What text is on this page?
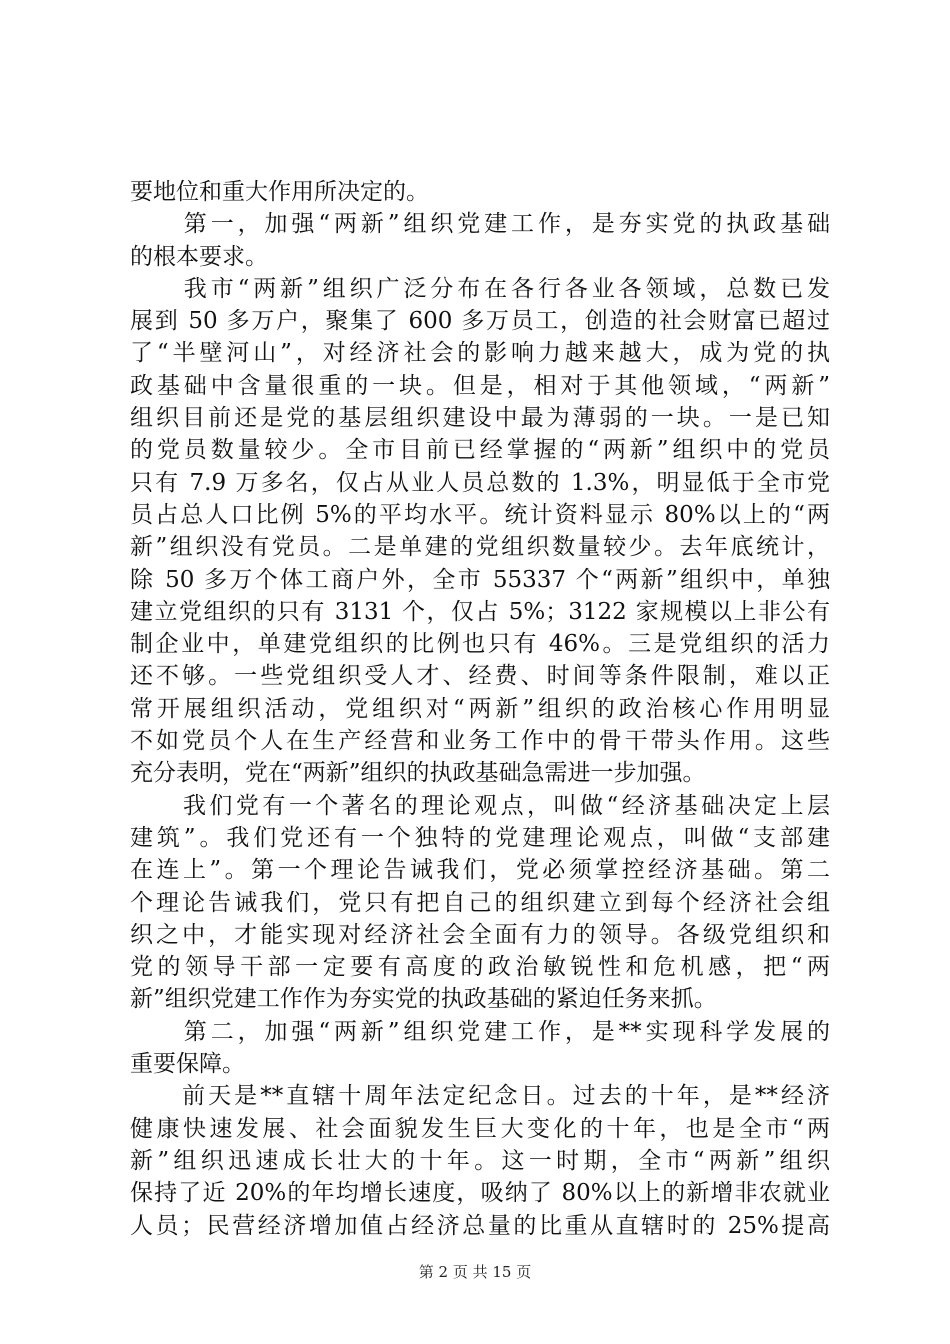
要地位和重大作用所决定的。
　　第一，加强“两新”组织党建工作，是夯实党的执政基础
的根本要求。
　　我市“两新”组织广泛分布在各行各业各领域，总数已发
展到 50 多万户，聚集了 600 多万员工，创造的社会财富已超过
了“半壁河山”，对经济社会的影响力越来越大，成为党的执
政基础中含量很重的一块。但是，相对于其他领域，“两新”
组织目前还是党的基层组织建设中最为薄弱的一块。一是已知
的党员数量较少。全市目前已经掌握的“两新”组织中的党员
只有 7.9 万多名，仅占从业人员总数的 1.3%，明显低于全市党
员占总人口比例 5%的平均水平。统计资料显示 80%以上的“两
新”组织没有党员。二是单建的党组织数量较少。去年底统计，
除 50 多万个体工商户外，全市 55337 个“两新”组织中，单独
建立党组织的只有 3131 个，仅占 5%；3122 家规模以上非公有
制企业中，单建党组织的比例也只有 46%。三是党组织的活力
还不够。一些党组织受人才、经费、时间等条件限制，难以正
常开展组织活动，党组织对“两新”组织的政治核心作用明显
不如党员个人在生产经营和业务工作中的骨干带头作用。这些
充分表明，党在“两新”组织的执政基础急需进一步加强。
　　我们党有一个著名的理论观点，叫做“经济基础决定上层
建筑”。我们党还有一个独特的党建理论观点，叫做“支部建
在连上”。第一个理论告诫我们，党必须掌控经济基础。第二
个理论告诫我们，党只有把自己的组织建立到每个经济社会组
织之中，才能实现对经济社会全面有力的领导。各级党组织和
党的领导干部一定要有高度的政治敏锐性和危机感，把“两
新”组织党建工作作为夯实党的执政基础的紧迫任务来抓。
　　第二，加强“两新”组织党建工作，是**实现科学发展的
重要保障。
　　前天是**直辖十周年法定纪念日。过去的十年，是**经济
健康快速发展、社会面貌发生巨大变化的十年，也是全市“两
新”组织迅速成长壮大的十年。这一时期，全市“两新”组织
保持了近 20%的年均增长速度，吸纳了 80%以上的新增非农就业
人员；民营经济增加值占经济总量的比重从直辖时的 25%提高
第 2 页 共 15 页
